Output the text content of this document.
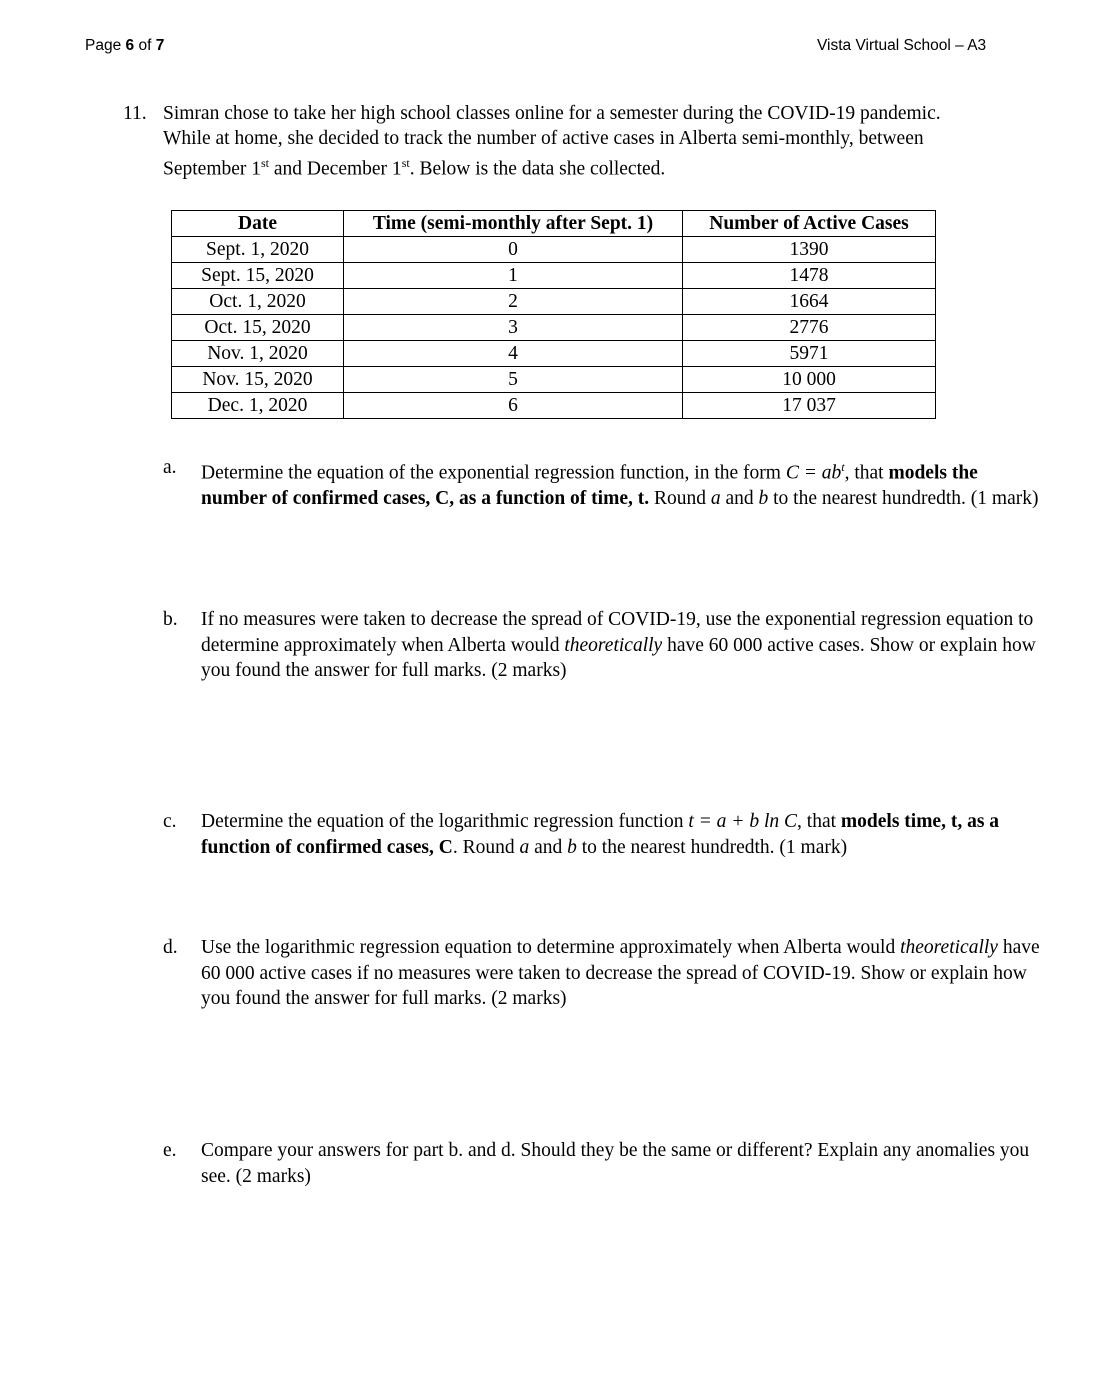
Page 6 of 7	Vista Virtual School – A3
11. Simran chose to take her high school classes online for a semester during the COVID-19 pandemic. While at home, she decided to track the number of active cases in Alberta semi-monthly, between September 1st and December 1st. Below is the data she collected.
Date	Time (semi-monthly after Sept. 1)	Number of Active Cases
Sept. 1, 2020	0	1390
Sept. 15, 2020	1	1478
Oct. 1, 2020	2	1664
Oct. 15, 2020	3	2776
Nov. 1, 2020	4	5971
Nov. 15, 2020	5	10 000
Dec. 1, 2020	6	17 037
a. Determine the equation of the exponential regression function, in the form $C = ab^t$, that models the number of confirmed cases, C, as a function of time, t. Round a and b to the nearest hundredth. (1 mark)
b. If no measures were taken to decrease the spread of COVID-19, use the exponential regression equation to determine approximately when Alberta would theoretically have 60 000 active cases. Show or explain how you found the answer for full marks. (2 marks)
c. Determine the equation of the logarithmic regression function t = a + b ln C, that models time, t, as a function of confirmed cases, C. Round a and b to the nearest hundredth. (1 mark)
d. Use the logarithmic regression equation to determine approximately when Alberta would theoretically have 60 000 active cases if no measures were taken to decrease the spread of COVID-19. Show or explain how you found the answer for full marks. (2 marks)
e. Compare your answers for part b. and d. Should they be the same or different? Explain any anomalies you see. (2 marks)
